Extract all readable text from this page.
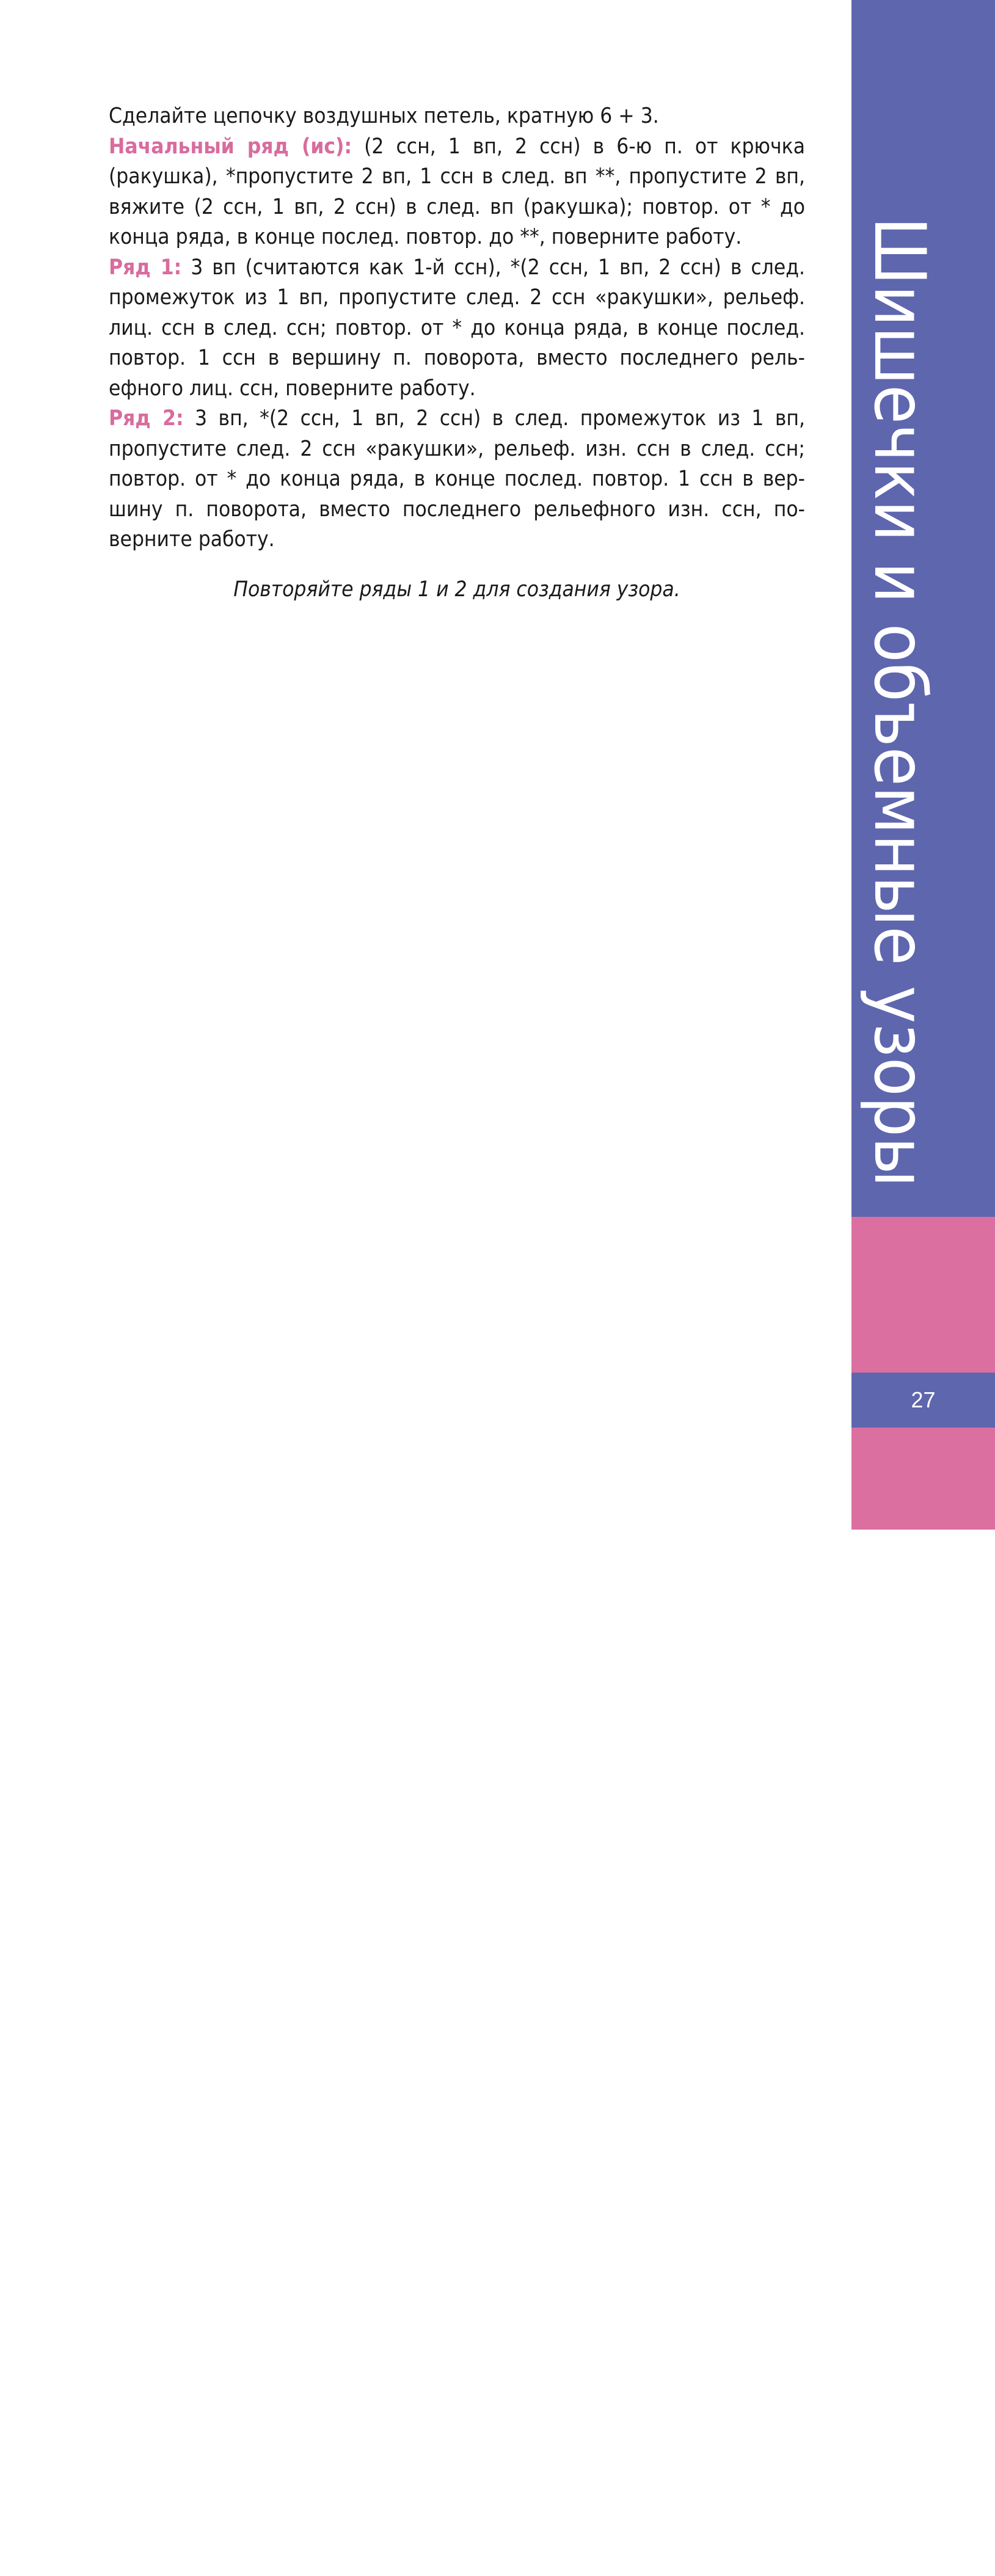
Сделайте цепочку воздушных петель, кратную 6 + 3.

Начальный ряд (ис): (2 ссн, 1 вп, 2 ссн) в 6-ю п. от крючка (ракушка), *пропустите 2 вп, 1 ссн в след. вп **, пропустите 2 вп, вяжите (2 ссн, 1 вп, 2 ссн) в след. вп (ракушка); повтор. от * до конца ряда, в конце послед. повтор. до **, поверните работу.

Ряд 1: 3 вп (считаются как 1-й ссн), *(2 ссн, 1 вп, 2 ссн) в след. промежуток из 1 вп, пропустите след. 2 ссн «ракушки», рельеф. лиц. ссн в след. ссн; повтор. от * до конца ряда, в конце послед. повтор. 1 ссн в вершину п. поворота, вместо последнего рельефного лиц. ссн, поверните работу.

Ряд 2: 3 вп, *(2 ссн, 1 вп, 2 ссн) в след. промежуток из 1 вп, пропустите след. 2 ссн «ракушки», рельеф. изн. ссн в след. ссн; повтор. от * до конца ряда, в конце послед. повтор. 1 ссн в вершину п. поворота, вместо последнего рельефного изн. ссн, поверните работу.

Повторяйте ряды 1 и 2 для создания узора.	Шишечки и объемные узоры
27
